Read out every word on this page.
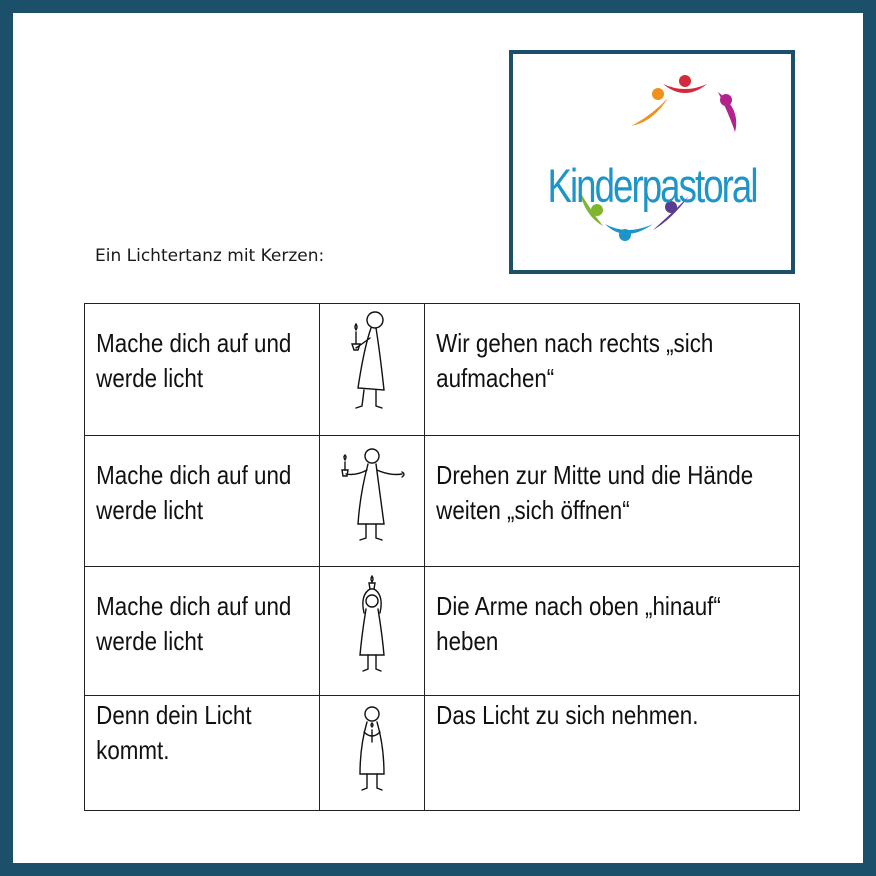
Kinderpastoral
Ein Lichtertanz mit Kerzen:
Mache dich auf und
werde licht		Wir gehen nach rechts „sich
aufmachen“

Mache dich auf und
werde licht		Drehen zur Mitte und die Hände
weiten „sich öffnen“

Mache dich auf und
werde licht		Die Arme nach oben „hinauf“
heben

Denn dein Licht
kommt.		Das Licht zu sich nehmen.
